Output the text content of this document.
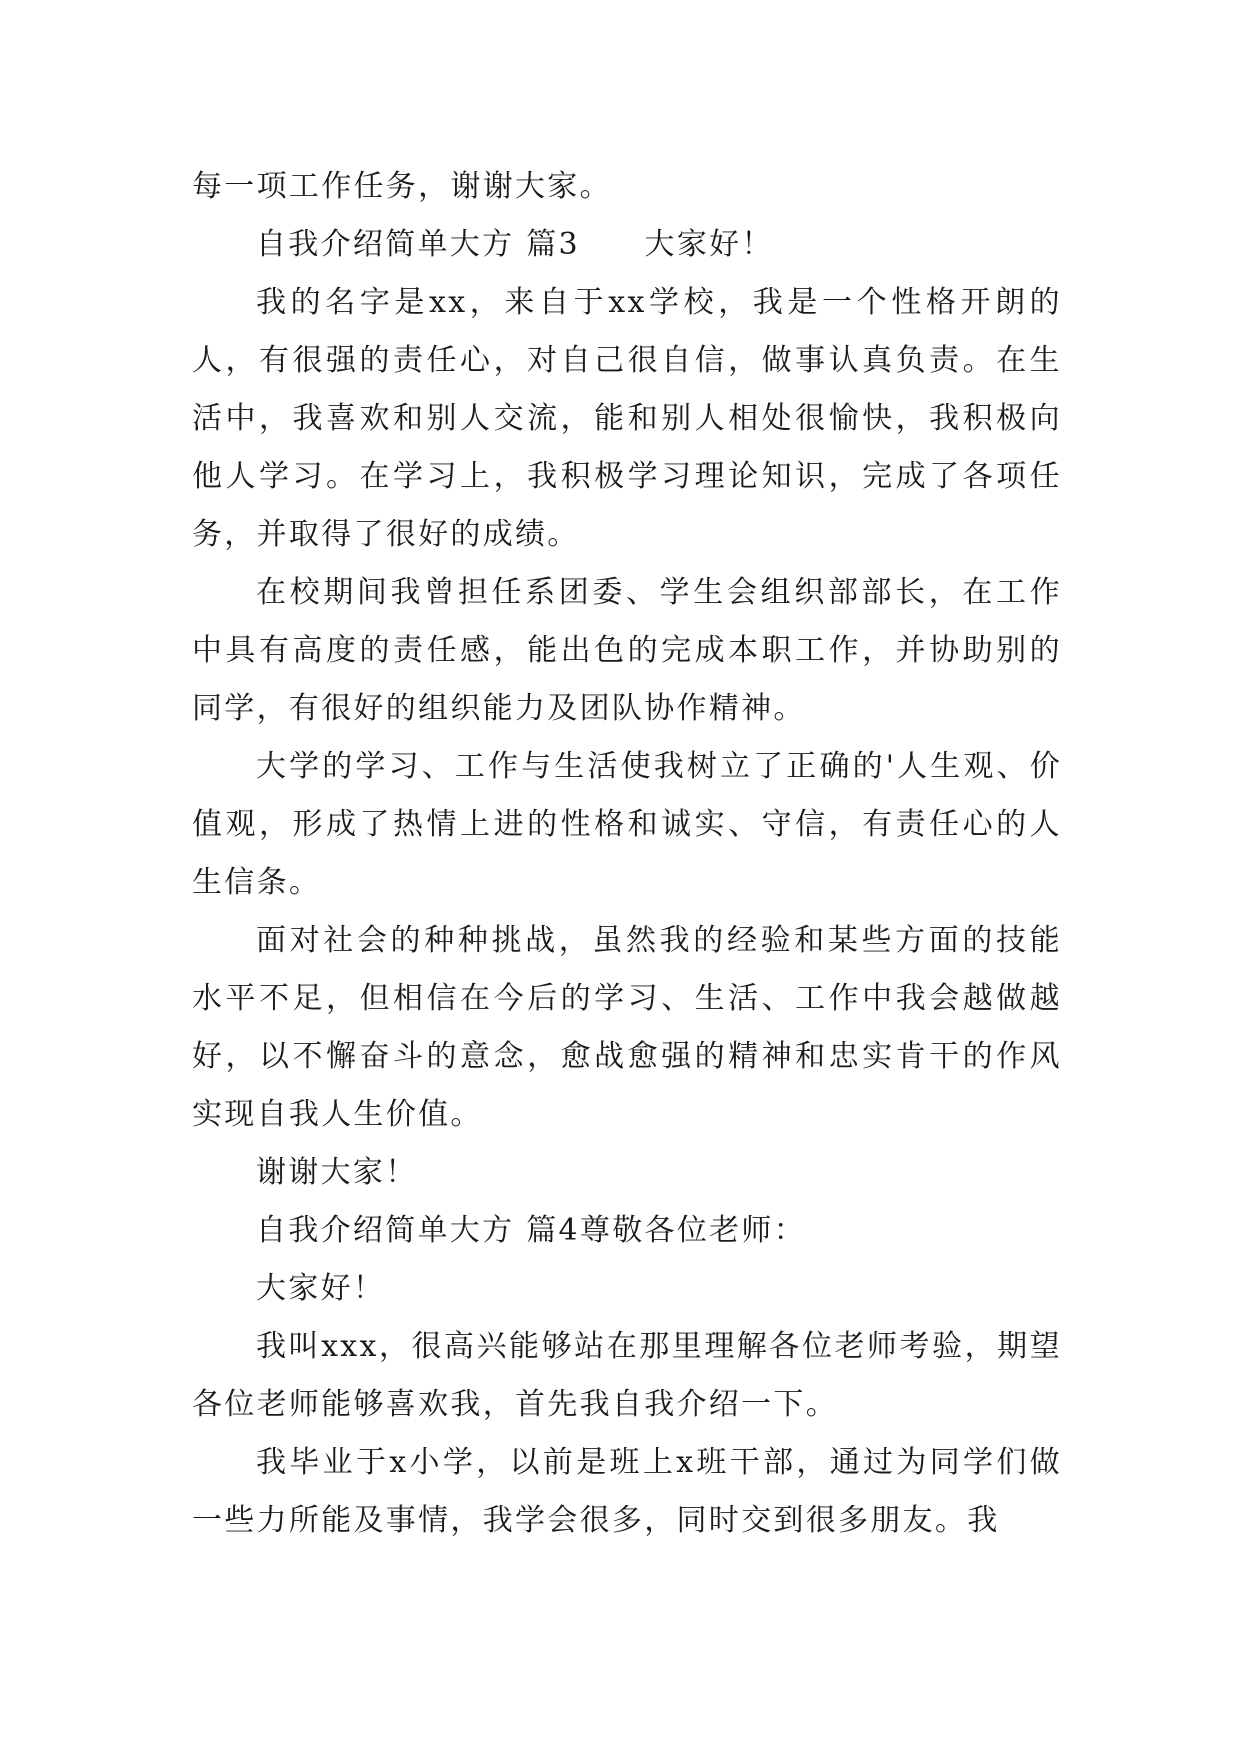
每一项工作任务，谢谢大家。

自我介绍简单大方 篇3　　大家好！

我的名字是xx，来自于xx学校，我是一个性格开朗的人，有很强的责任心，对自己很自信，做事认真负责。在生活中，我喜欢和别人交流，能和别人相处很愉快，我积极向他人学习。在学习上，我积极学习理论知识，完成了各项任务，并取得了很好的成绩。

在校期间我曾担任系团委、学生会组织部部长，在工作中具有高度的责任感，能出色的完成本职工作，并协助别的同学，有很好的组织能力及团队协作精神。

大学的学习、工作与生活使我树立了正确的'人生观、价值观，形成了热情上进的性格和诚实、守信，有责任心的人生信条。

面对社会的种种挑战，虽然我的经验和某些方面的技能水平不足，但相信在今后的学习、生活、工作中我会越做越好，以不懈奋斗的意念，愈战愈强的精神和忠实肯干的作风实现自我人生价值。

谢谢大家！

自我介绍简单大方 篇4尊敬各位老师：

大家好！

我叫xxx，很高兴能够站在那里理解各位老师考验，期望各位老师能够喜欢我，首先我自我介绍一下。

我毕业于x小学，以前是班上x班干部，通过为同学们做一些力所能及事情，我学会很多，同时交到很多朋友。我
